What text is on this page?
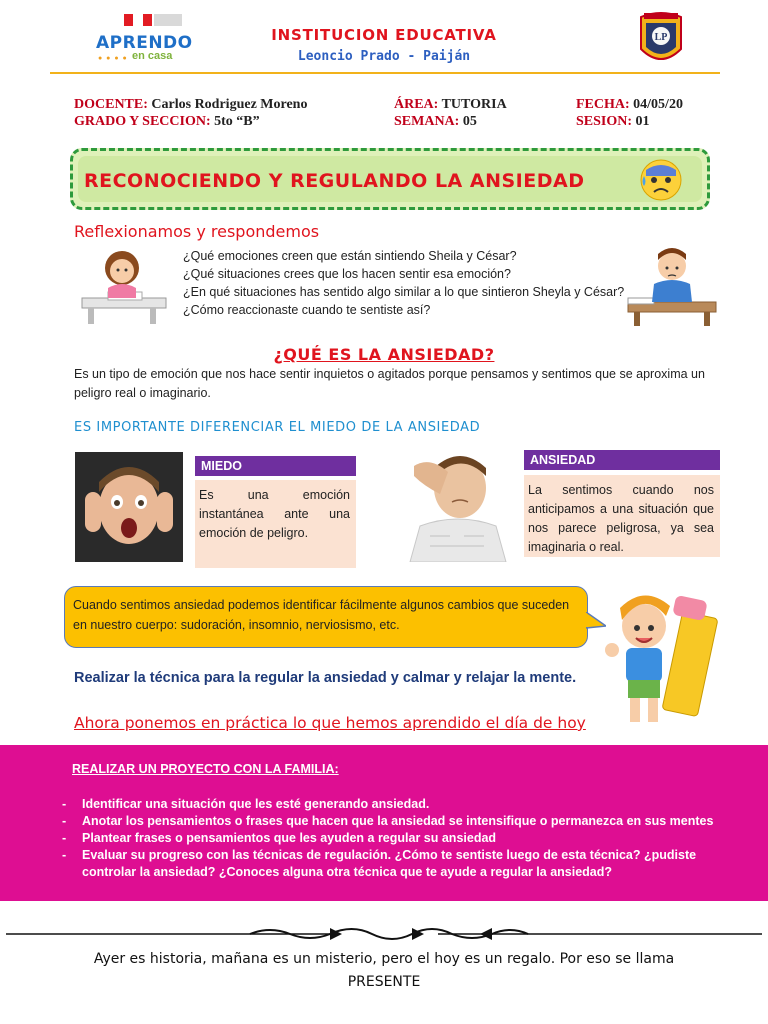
APRENDO
en casa
● ● ● ●
INSTITUCION EDUCATIVA
Leoncio Prado - Paiján
LP
DOCENTE: Carlos Rodriguez Moreno	ÁREA: TUTORIA	FECHA: 04/05/20
GRADO Y SECCION: 5to “B”	SEMANA: 05	SESION: 01
RECONOCIENDO Y REGULANDO LA ANSIEDAD
Reflexionamos y respondemos
¿Qué emociones creen que están sintiendo Sheila y César?
¿Qué situaciones crees que los hacen sentir esa emoción?
¿En qué situaciones has sentido algo similar a lo que sintieron Sheyla y César?
¿Cómo reaccionaste cuando te sentiste así?
¿QUÉ ES LA ANSIEDAD?
Es un tipo de emoción que nos hace sentir inquietos o agitados porque pensamos y sentimos que se aproxima un peligro real o imaginario.
ES IMPORTANTE DIFERENCIAR EL MIEDO DE LA ANSIEDAD
MIEDO
Es una emoción instantánea ante una emoción de peligro.
ANSIEDAD
La sentimos cuando nos anticipamos a una situación que nos parece peligrosa, ya sea imaginaria o real.
Cuando sentimos ansiedad podemos identificar fácilmente algunos cambios que suceden en nuestro cuerpo: sudoración, insomnio, nerviosismo, etc.
Realizar la técnica para la regular la ansiedad y calmar y relajar la mente.
Ahora ponemos en práctica lo que hemos aprendido el día de hoy
REALIZAR UN PROYECTO CON LA FAMILIA:
-	Identificar una situación que les esté generando ansiedad.
-	Anotar los pensamientos o frases que hacen que la ansiedad se intensifique o permanezca en sus mentes
-	Plantear frases o pensamientos que les ayuden a regular su ansiedad
-	Evaluar su progreso con las técnicas de regulación. ¿Cómo te sentiste luego de esta técnica? ¿pudiste controlar la ansiedad? ¿Conoces alguna otra técnica que te ayude a regular la ansiedad?
Ayer es historia, mañana es un misterio, pero el hoy es un regalo. Por eso se llama
PRESENTE
